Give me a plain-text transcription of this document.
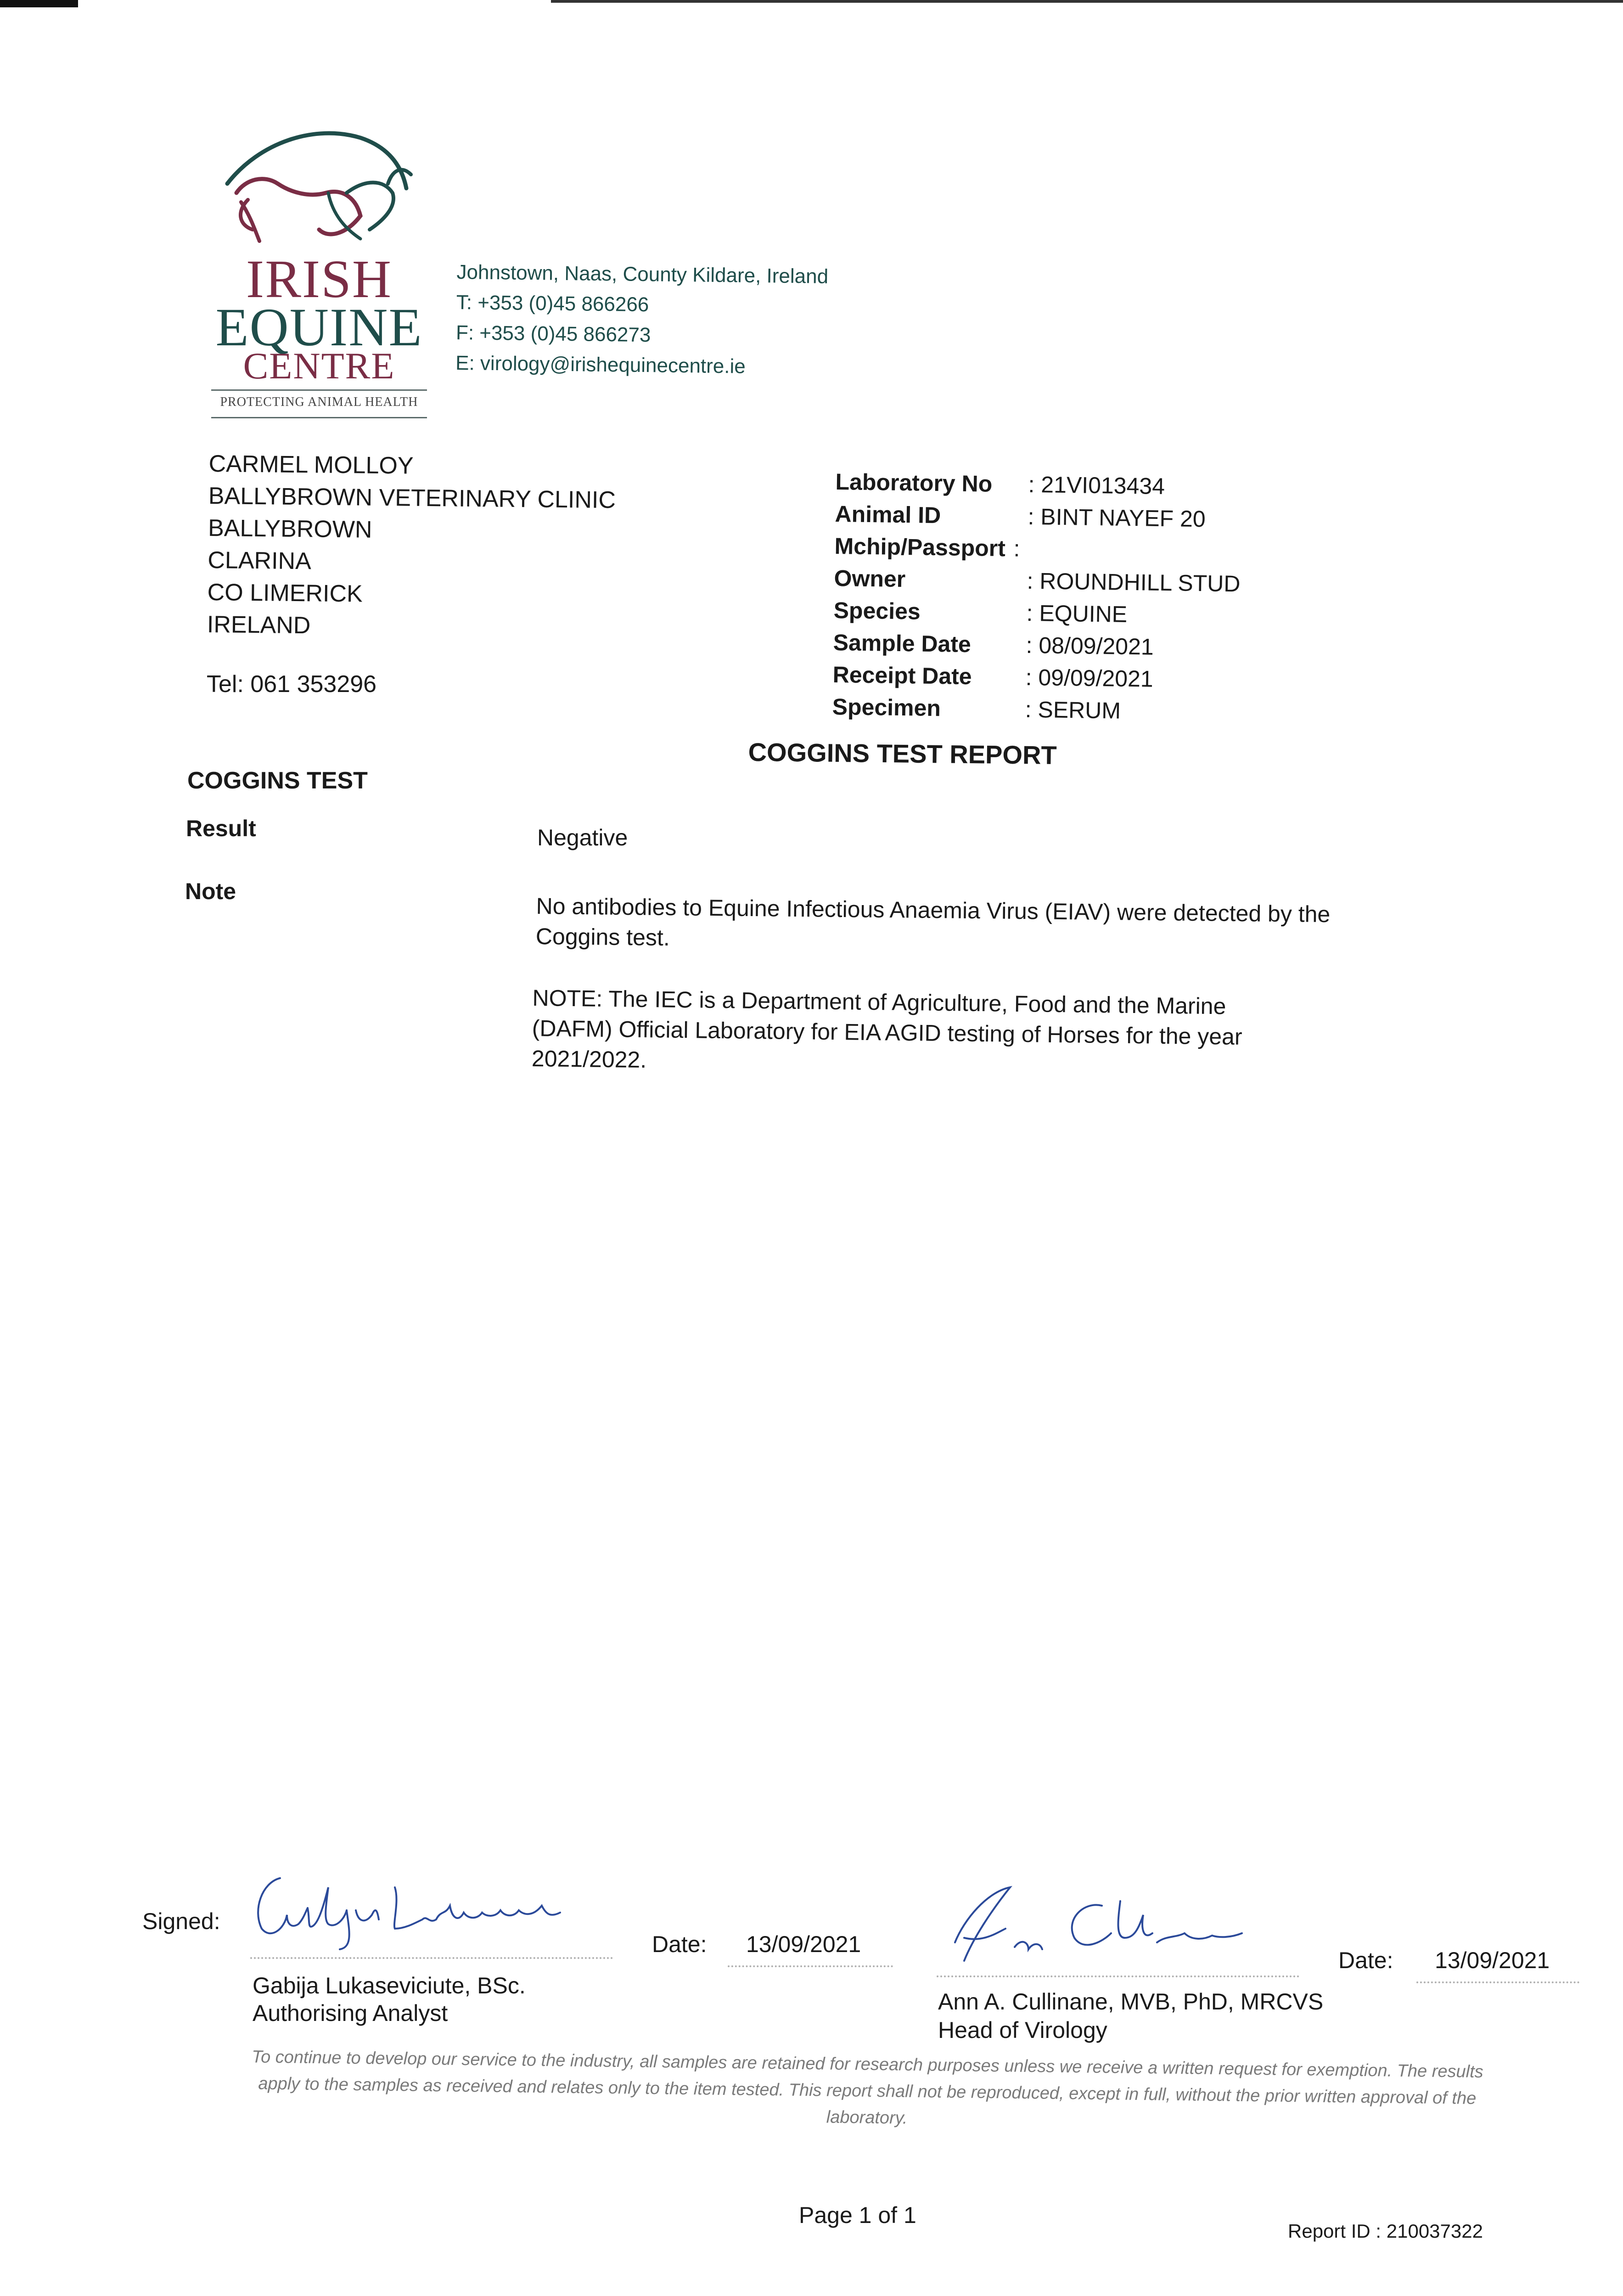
IRISH
EQUINE
CENTRE
PROTECTING ANIMAL HEALTH
Johnstown, Naas, County Kildare, Ireland
T: +353 (0)45 866266
F: +353 (0)45 866273
E: virology@irishequinecentre.ie
CARMEL MOLLOY
BALLYBROWN VETERINARY CLINIC
BALLYBROWN
CLARINA
CO LIMERICK
IRELAND
Tel: 061 353296
Laboratory No : 21VI013434
Animal ID	: BINT NAYEF 20
Mchip/Passport :
Owner	: ROUNDHILL STUD
Species	: EQUINE
Sample Date : 08/09/2021
Receipt Date : 09/09/2021
Specimen	: SERUM
COGGINS TEST REPORT
COGGINS TEST
Result	Negative
Note
No antibodies to Equine Infectious Anaemia Virus (EIAV) were detected by the Coggins test.
NOTE: The IEC is a Department of Agriculture, Food and the Marine (DAFM) Official Laboratory for EIA AGID testing of Horses for the year 2021/2022.
Signed:
Date: 13/09/2021
Gabija Lukaseviciute, BSc.
Authorising Analyst
Date: 13/09/2021
Ann A. Cullinane, MVB, PhD, MRCVS
Head of Virology
To continue to develop our service to the industry, all samples are retained for research purposes unless we receive a written request for exemption. The results apply to the samples as received and relates only to the item tested. This report shall not be reproduced, except in full, without the prior written approval of the laboratory.
Page 1 of 1
Report ID : 210037322
